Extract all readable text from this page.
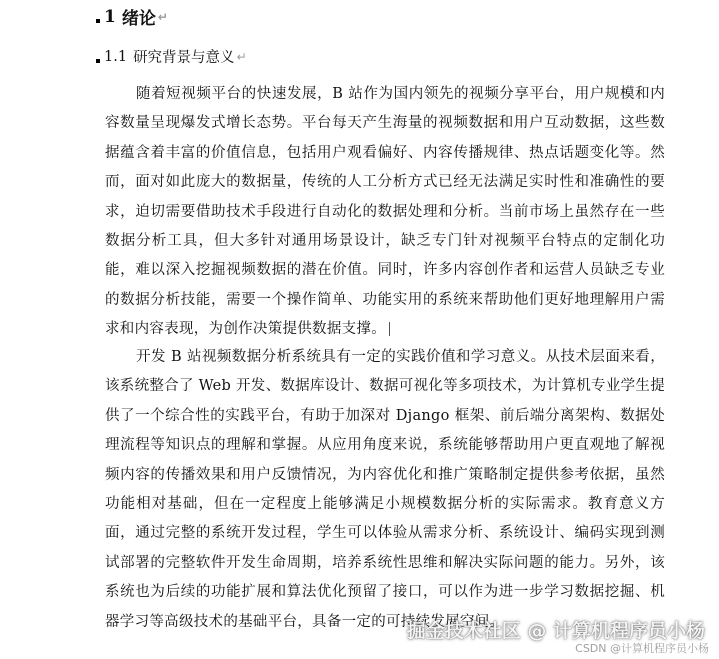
1 绪论 ↵
1.1 研究背景与意义 ↵

随着短视频平台的快速发展，B 站作为国内领先的视频分享平台，用户规模和内容数量呈现爆发式增长态势。平台每天产生海量的视频数据和用户互动数据，这些数据蕴含着丰富的价值信息，包括用户观看偏好、内容传播规律、热点话题变化等。然而，面对如此庞大的数据量，传统的人工分析方式已经无法满足实时性和准确性的要求，迫切需要借助技术手段进行自动化的数据处理和分析。当前市场上虽然存在一些数据分析工具，但大多针对通用场景设计，缺乏专门针对视频平台特点的定制化功能，难以深入挖掘视频数据的潜在价值。同时，许多内容创作者和运营人员缺乏专业的数据分析技能，需要一个操作简单、功能实用的系统来帮助他们更好地理解用户需求和内容表现，为创作决策提供数据支撑。

开发 B 站视频数据分析系统具有一定的实践价值和学习意义。从技术层面来看，该系统整合了 Web 开发、数据库设计、数据可视化等多项技术，为计算机专业学生提供了一个综合性的实践平台，有助于加深对 Django 框架、前后端分离架构、数据处理流程等知识点的理解和掌握。从应用角度来说，系统能够帮助用户更直观地了解视频内容的传播效果和用户反馈情况，为内容优化和推广策略制定提供参考依据，虽然功能相对基础，但在一定程度上能够满足小规模数据分析的实际需求。教育意义方面，通过完整的系统开发过程，学生可以体验从需求分析、系统设计、编码实现到测试部署的完整软件开发生命周期，培养系统性思维和解决实际问题的能力。另外，该系统也为后续的功能扩展和算法优化预留了接口，可以作为进一步学习数据挖掘、机器学习等高级技术的基础平台，具备一定的可持续发展空间。

掘金技术社区 @ 计算机程序员小杨
CSDN @计算机程序员小杨
